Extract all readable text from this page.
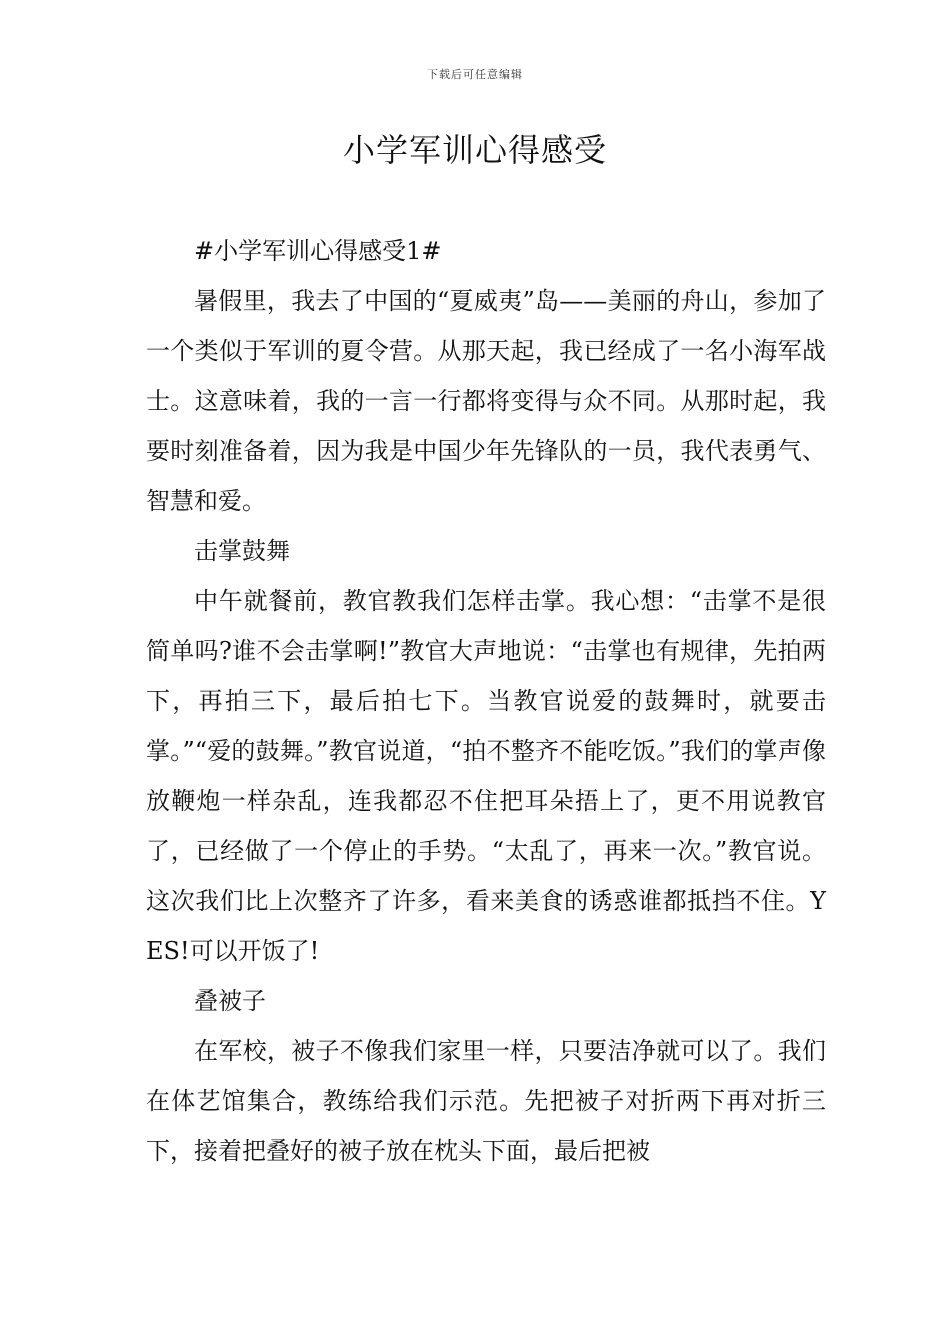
下载后可任意编辑
小学军训心得感受

#小学军训心得感受1#

暑假里，我去了中国的“夏威夷”岛——美丽的舟山，参加了一个类似于军训的夏令营。从那天起，我已经成了一名小海军战士。这意味着，我的一言一行都将变得与众不同。从那时起，我要时刻准备着，因为我是中国少年先锋队的一员，我代表勇气、智慧和爱。

击掌鼓舞

中午就餐前，教官教我们怎样击掌。我心想：“击掌不是很简单吗?谁不会击掌啊!”教官大声地说：“击掌也有规律，先拍两下，再拍三下，最后拍七下。当教官说爱的鼓舞时，就要击掌。”“爱的鼓舞。”教官说道，“拍不整齐不能吃饭。”我们的掌声像放鞭炮一样杂乱，连我都忍不住把耳朵捂上了，更不用说教官了，已经做了一个停止的手势。“太乱了，再来一次。”教官说。这次我们比上次整齐了许多，看来美食的诱惑谁都抵挡不住。YES!可以开饭了!

叠被子

在军校，被子不像我们家里一样，只要洁净就可以了。我们在体艺馆集合，教练给我们示范。先把被子对折两下再对折三下，接着把叠好的被子放在枕头下面，最后把被
